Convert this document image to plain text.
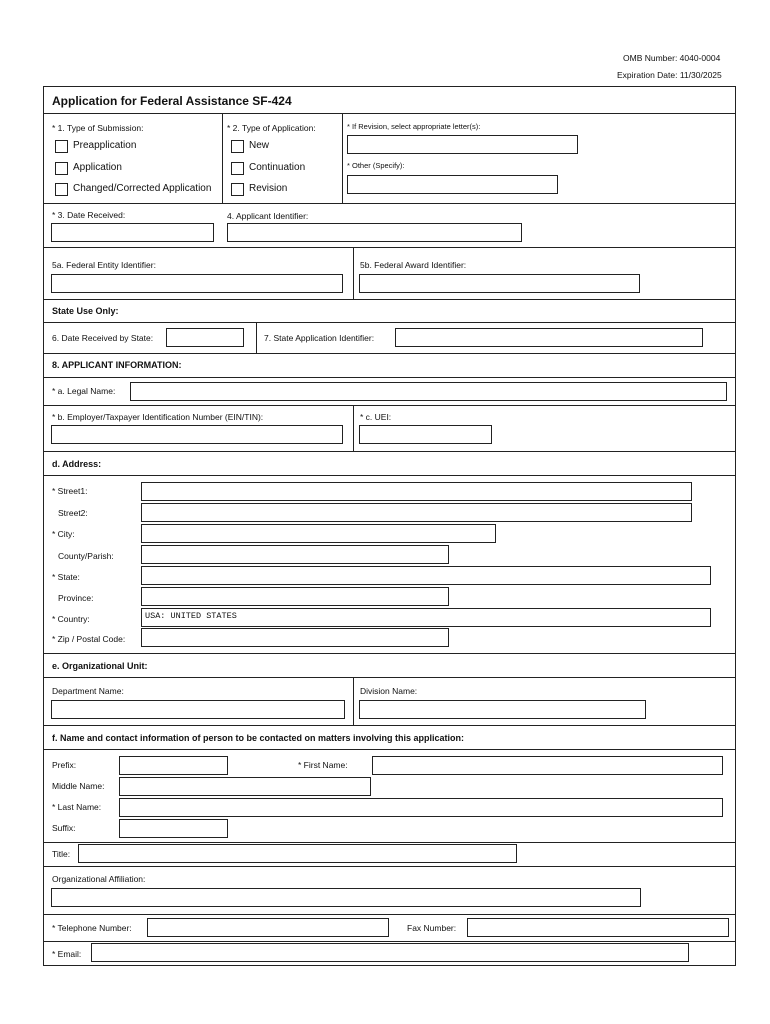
OMB Number: 4040-0004
Expiration Date: 11/30/2025
Application for Federal Assistance SF-424
* 1. Type of Submission:
Preapplication
Application
Changed/Corrected Application
* 2. Type of Application:
New
Continuation
Revision
* If Revision, select appropriate letter(s):
* Other (Specify):
* 3. Date Received:	4. Applicant Identifier:
5a. Federal Entity Identifier:	5b. Federal Award Identifier:
State Use Only:
6. Date Received by State:	7. State Application Identifier:
8. APPLICANT INFORMATION:
* a. Legal Name:
* b. Employer/Taxpayer Identification Number (EIN/TIN):	* c. UEI:
d. Address:
* Street1:
Street2:
* City:
County/Parish:
* State:
Province:
* Country:	USA: UNITED STATES
* Zip / Postal Code:
e. Organizational Unit:
Department Name:	Division Name:
f. Name and contact information of person to be contacted on matters involving this application:
Prefix:	* First Name:
Middle Name:
* Last Name:
Suffix:
Title:
Organizational Affiliation:
* Telephone Number:	Fax Number:
* Email:
